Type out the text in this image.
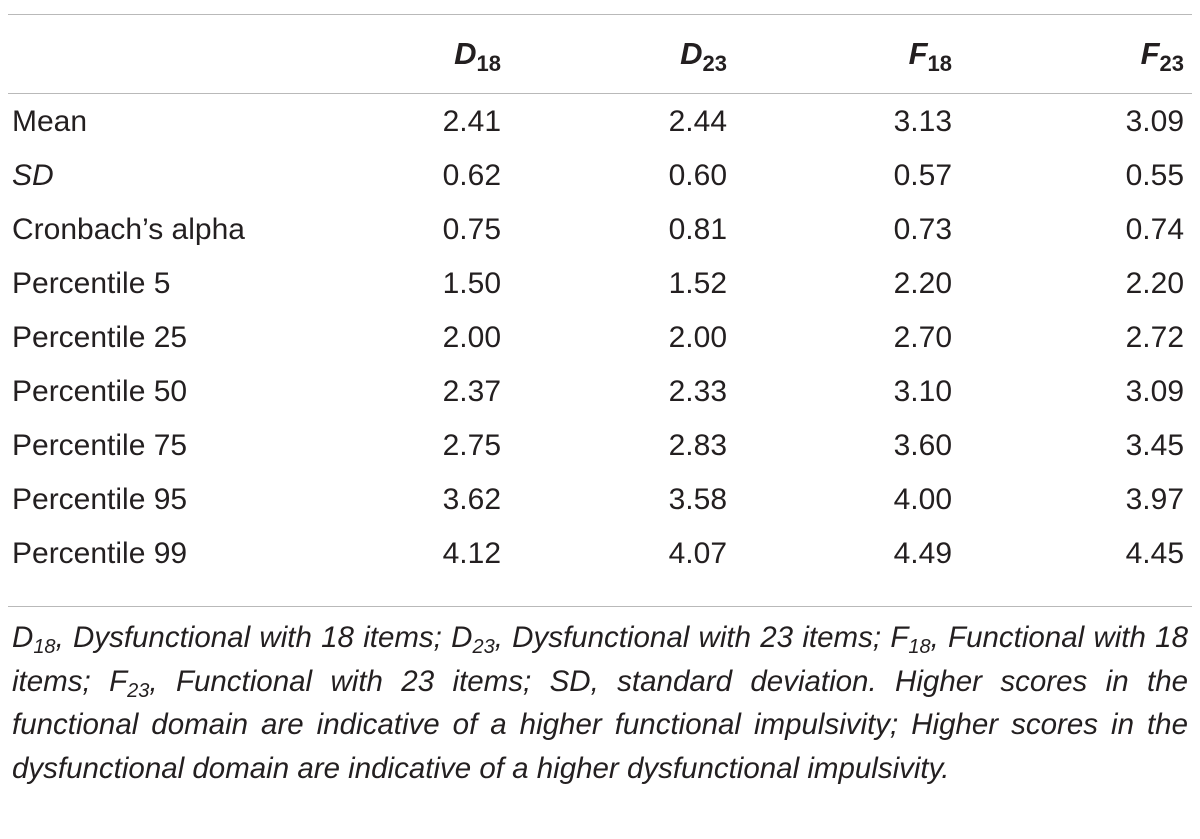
	$D_{18}$	$D_{23}$	$F_{18}$	$F_{23}$
Mean	2.41	2.44	3.13	3.09
SD	0.62	0.60	0.57	0.55
Cronbach’s alpha	0.75	0.81	0.73	0.74
Percentile 5	1.50	1.52	2.20	2.20
Percentile 25	2.00	2.00	2.70	2.72
Percentile 50	2.37	2.33	3.10	3.09
Percentile 75	2.75	2.83	3.60	3.45
Percentile 95	3.62	3.58	4.00	3.97
Percentile 99	4.12	4.07	4.49	4.45
$D_{18}$, Dysfunctional with 18 items; $D_{23}$, Dysfunctional with 23 items; $F_{18}$, Functional with 18 items; $F_{23}$, Functional with 23 items; SD, standard deviation. Higher scores in the functional domain are indicative of a higher functional impulsivity; Higher scores in the dysfunctional domain are indicative of a higher dysfunctional impulsivity.
